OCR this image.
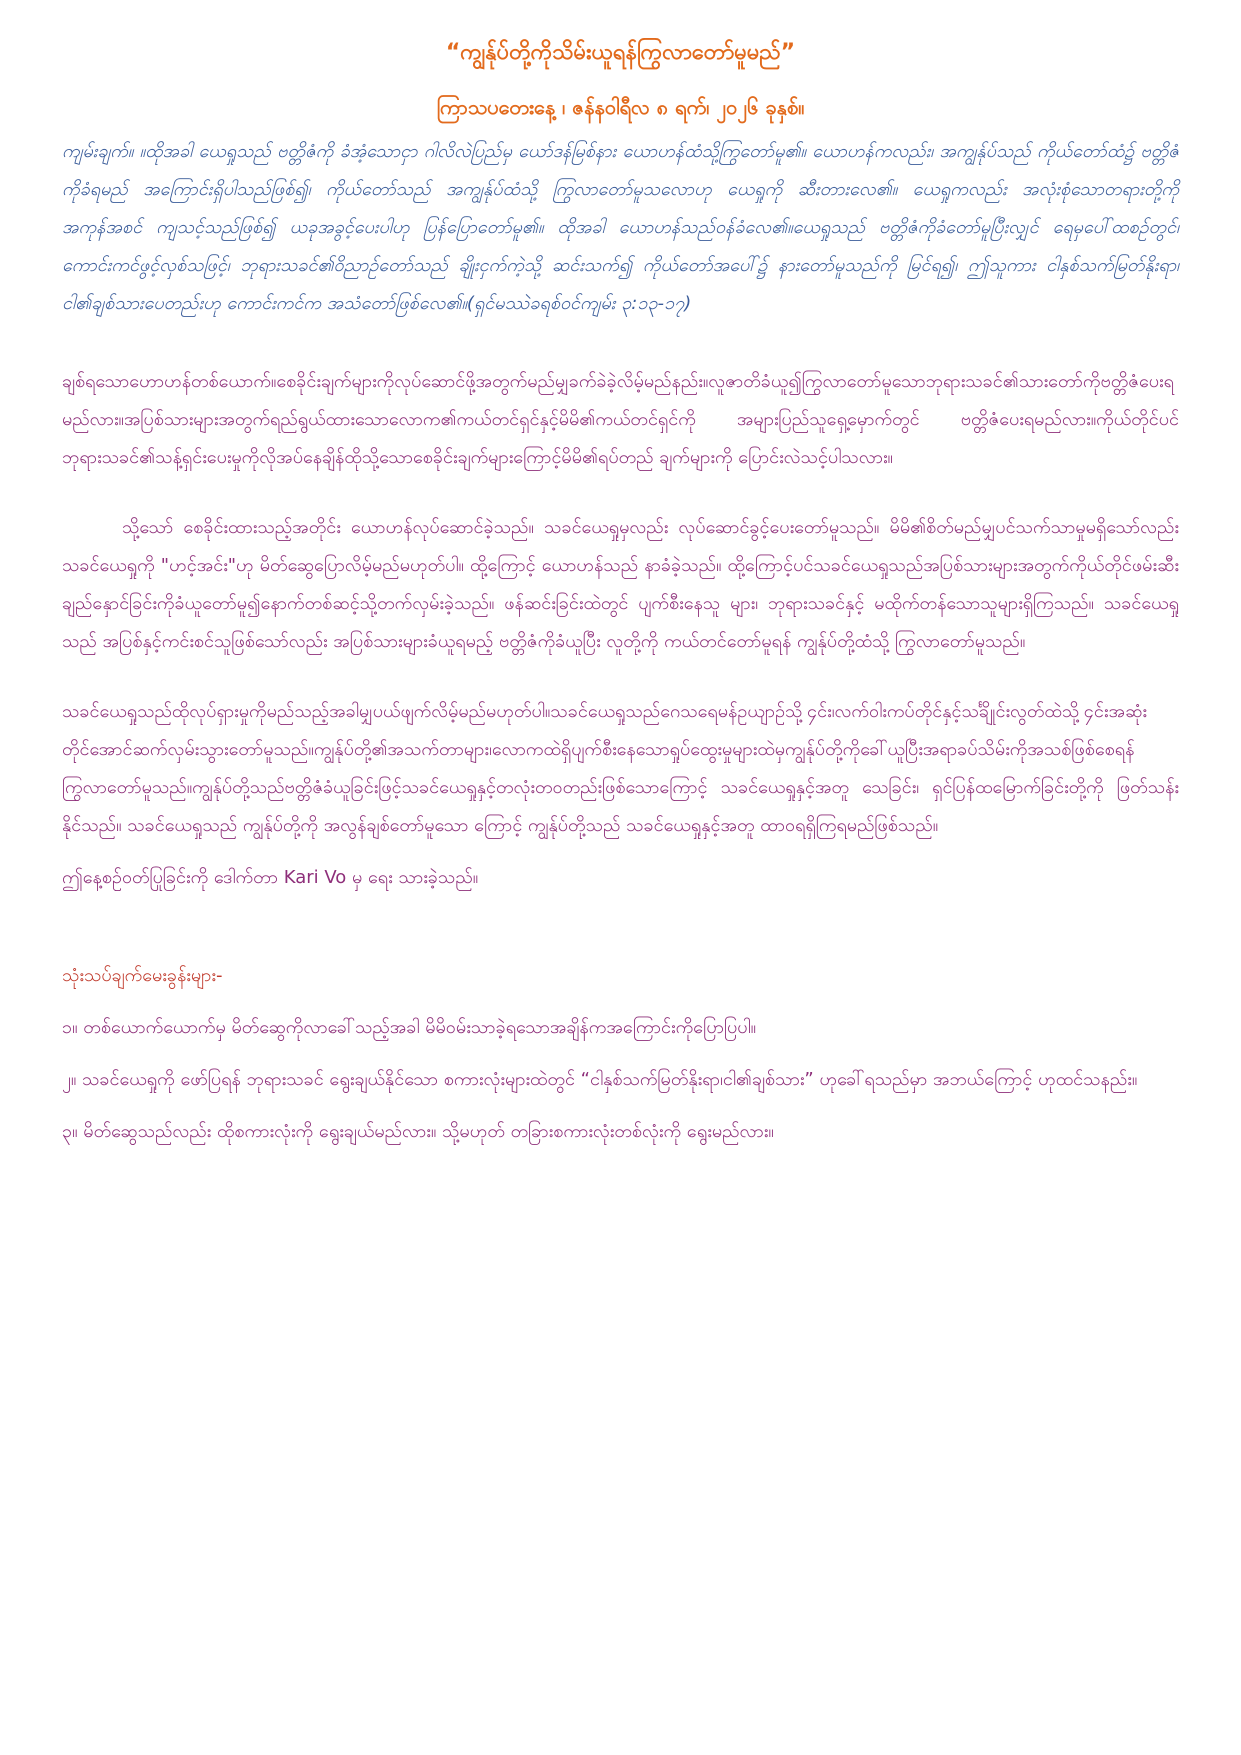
“ကျွန်ုပ်တို့ကိုသိမ်းယူရန်ကြွလာတော်မူမည်”
ကြာသပတေးနေ့ ၊ ဇန်နဝါရီလ ၈ ရက်၊ ၂၀၂၆ ခုနှစ်။

ကျမ်းချက်။ ။ထိုအခါ ယေရှုသည် ဗတ္တိဇံကို ခံအံ့သောငှာ ဂါလိလဲပြည်မှ ယော်ဒန်မြစ်နား ယောဟန်ထံသို့ကြွတော်မူ၏။ ယောဟန်ကလည်း၊ အကျွန်ုပ်သည် ကိုယ်တော်ထံ၌ ဗတ္တိဇံကိုခံရမည် အကြောင်းရှိပါသည်ဖြစ်၍၊ ကိုယ်တော်သည် အကျွန်ုပ်ထံသို့ ကြွလာတော်မူသလောဟု ယေရှုကို ဆီးတားလေ၏။ ယေရှုကလည်း အလုံးစုံသောတရားတို့ကို အကုန်အစင် ကျသင့်သည်ဖြစ်၍ ယခုအခွင့်ပေးပါဟု ပြန်ပြောတော်မူ၏။ ထိုအခါ ယောဟန်သည်ဝန်ခံလေ၏။ယေရှုသည် ဗတ္တိဇံကိုခံတော်မူပြီးလျှင် ရေမှပေါ်ထစဉ်တွင်၊ ကောင်းကင်ဖွင့်လှစ်သဖြင့်၊ ဘုရားသခင်၏ဝိညာဉ်တော်သည် ချိုးငှက်ကဲ့သို့ ဆင်းသက်၍ ကိုယ်တော်အပေါ်၌ နားတော်မူသည်ကို မြင်ရ၍၊ ဤသူကား ငါနှစ်သက်မြတ်နိုးရာ၊ ငါ၏ချစ်သားပေတည်းဟု ကောင်းကင်က အသံတော်ဖြစ်လေ၏။(ရှင်မဿဲခရစ်ဝင်ကျမ်း ၃:၁၃-၁၇)

ချစ်ရသောဟောဟန်တစ်ယောက်။စေခိုင်းချက်များကိုလုပ်ဆောင်ဖို့အတွက်မည်မျှခက်ခဲခဲ့လိမ့်မည်နည်း။လူဇာတိခံယူ၍ကြွလာတော်မူသောဘုရားသခင်၏သားတော်ကိုဗတ္တိဇံပေးရမည်လား။အပြစ်သားများအတွက်ရည်ရွယ်ထားသောလောက၏ကယ်တင်ရှင်နှင့်မိမိ၏ကယ်တင်ရှင်ကို အများပြည်သူရှေ့မှောက်တွင် ဗတ္တိဇံပေးရမည်လား။ကိုယ်တိုင်ပင်ဘုရားသခင်၏သန့်ရှင်းပေးမှုကိုလိုအပ်နေချိန်ထိုသို့သောစေခိုင်းချက်များကြောင့်မိမိ၏ရပ်တည် ချက်များကို ပြောင်းလဲသင့်ပါသလား။

သို့သော် စေခိုင်းထားသည့်အတိုင်း ယောဟန်လုပ်ဆောင်ခဲ့သည်။ သခင်ယေရှုမှလည်း လုပ်ဆောင်ခွင့်ပေးတော်မူသည်။ မိမိ၏စိတ်မည်မျှပင်သက်သာမှုမရှိသော်လည်း သခင်ယေရှုကို "ဟင့်အင်း"ဟု မိတ်ဆွေပြောလိမ့်မည်မဟုတ်ပါ။ ထို့ကြောင့် ယောဟန်သည် နာခံခဲ့သည်။ ထို့ကြောင့်ပင်သခင်ယေရှုသည်အပြစ်သားများအတွက်ကိုယ်တိုင်ဖမ်းဆီးချည်နှောင်ခြင်းကိုခံယူတော်မူ၍နောက်တစ်ဆင့်သို့တက်လှမ်းခဲ့သည်။ ဖန်ဆင်းခြင်းထဲတွင် ပျက်စီးနေသူ များ၊ ဘုရားသခင်နှင့် မထိုက်တန်သောသူများရှိကြသည်။ သခင်ယေရှုသည် အပြစ်နှင့်ကင်းစင်သူဖြစ်သော်လည်း အပြစ်သားများခံယူရမည့် ဗတ္တိဇံကိုခံယူပြီး လူတို့ကို ကယ်တင်တော်မူရန် ကျွန်ုပ်တို့ထံသို့ ကြွလာတော်မူသည်။

သခင်ယေရှုသည်ထိုလုပ်ရှားမှုကိုမည်သည့်အခါမျှပယ်ဖျက်လိမ့်မည်မဟုတ်ပါ။သခင်ယေရှုသည်ဂေသရေမန်ဥယျာဉ်သို့၄င်း၊လက်ဝါးကပ်တိုင်နှင့်သင်္ချိုင်းလွတ်ထဲသို့၄င်းအဆုံးတိုင်အောင်ဆက်လှမ်းသွားတော်မူသည်။ကျွန်ုပ်တို့၏အသက်တာများ၊လောကထဲရှိပျက်စီးနေသောရှုပ်ထွေးမှုများထဲမှကျွန်ုပ်တို့ကိုခေါ်ယူပြီးအရာခပ်သိမ်းကိုအသစ်ဖြစ်စေရန်ကြွလာတော်မူသည်။ကျွန်ုပ်တို့သည်ဗတ္တိဇံခံယူခြင်းဖြင့်သခင်ယေရှုနှင့်တလုံးတဝတည်းဖြစ်သောကြောင့် သခင်ယေရှုနှင့်အတူ သေခြင်း၊ ရှင်ပြန်ထမြောက်ခြင်းတို့ကို ဖြတ်သန်းနိုင်သည်။ သခင်ယေရှုသည် ကျွန်ုပ်တို့ကို အလွန်ချစ်တော်မူသော ကြောင့် ကျွန်ုပ်တို့သည် သခင်ယေရှုနှင့်အတူ ထာဝရရှိကြရမည်ဖြစ်သည်။

ဤနေ့စဉ်ဝတ်ပြုခြင်းကို ဒေါက်တာ Kari Vo မှ ရေး သားခဲ့သည်။

သုံးသပ်ချက်မေးခွန်းများ-

၁။ တစ်ယောက်ယောက်မှ မိတ်ဆွေကိုလာခေါ်သည့်အခါ မိမိဝမ်းသာခဲ့ရသောအချိန်ကအကြောင်းကိုပြောပြပါ။

၂။ သခင်ယေရှုကို ဖော်ပြရန် ဘုရားသခင် ရွေးချယ်နိုင်သော စကားလုံးများထဲတွင် “ငါနှစ်သက်မြတ်နိုးရာ၊ငါ၏ချစ်သား” ဟုခေါ်ရသည်မှာ အဘယ်ကြောင့် ဟုထင်သနည်း။

၃။ မိတ်ဆွေသည်လည်း ထိုစကားလုံးကို ရွေးချယ်မည်လား။ သို့မဟုတ် တခြားစကားလုံးတစ်လုံးကို ရွေးမည်လား။
